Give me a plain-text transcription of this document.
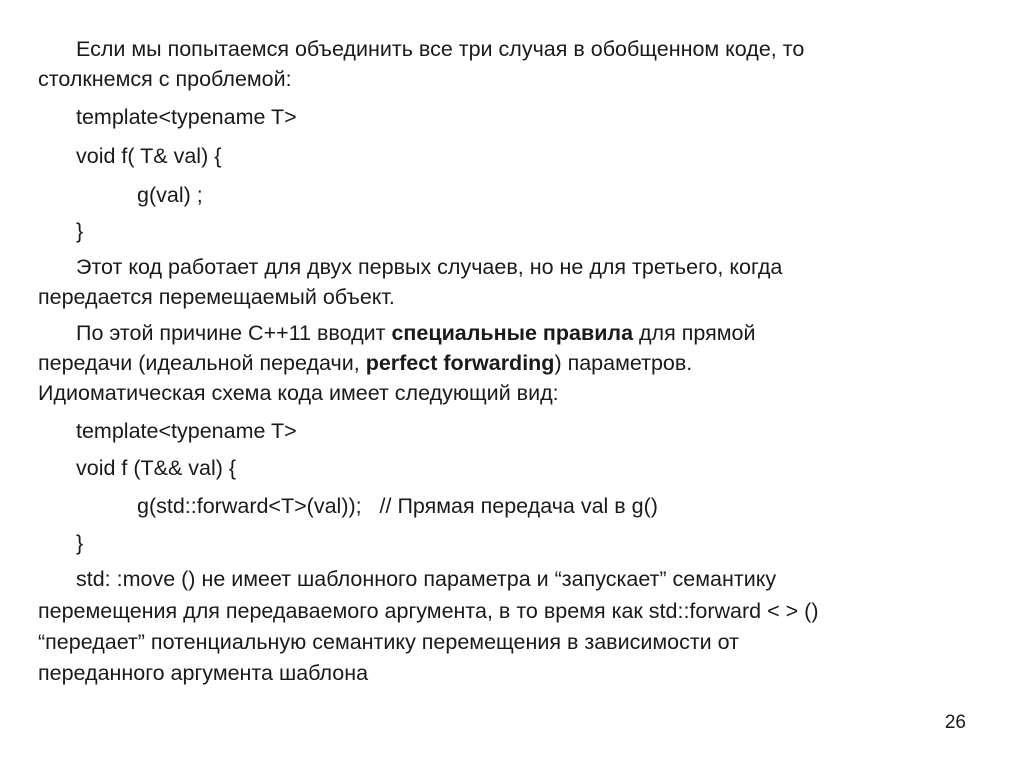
Если мы попытаемся объединить все три случая в обобщенном коде, то
столкнемся с проблемой:
template<typename T>
void f( T& val) {
g(val) ;
}
Этот код работает для двух первых случаев, но не для третьего, когда
передается перемещаемый объект.
По этой причине C++11 вводит специальные правила для прямой
передачи (идеальной передачи, perfect forwarding) параметров.
Идиоматическая схема кода имеет следующий вид:
template<typename T>
void f (T&& val) {
g(std::forward<T>(val));   // Прямая передача val в g()
}
std: :move () не имеет шаблонного параметра и “запускает” семантику
перемещения для передаваемого аргумента, в то время как std::forward < > ()
“передает” потенциальную семантику перемещения в зависимости от
переданного аргумента шаблона
26
